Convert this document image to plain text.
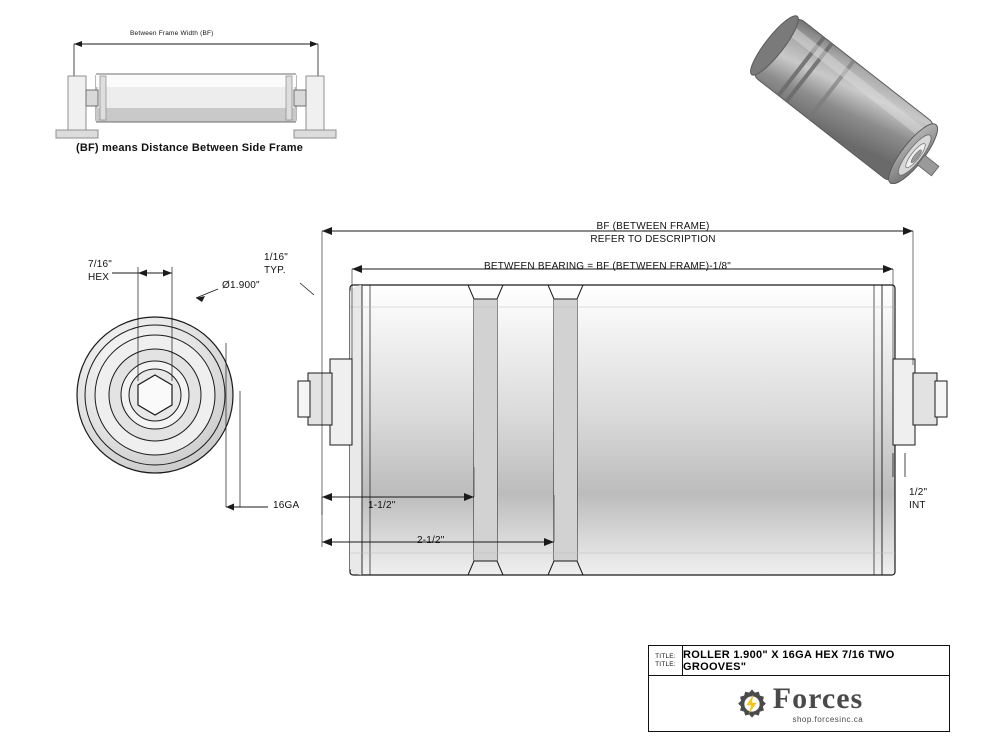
Between Frame Width (BF)
(BF) means Distance Between Side Frame
BF (BETWEEN FRAME)
REFER TO DESCRIPTION
BETWEEN BEARING = BF (BETWEEN FRAME)-1/8"
1/16"
TYP.
1/2"
INT
1-1/2"
2-1/2"
7/16"
HEX
Ø1.900"
16GA
TITLE:
TITLE:
ROLLER 1.900" X 16GA HEX 7/16 TWO GROOVES"
Forces
shop.forcesinc.ca
